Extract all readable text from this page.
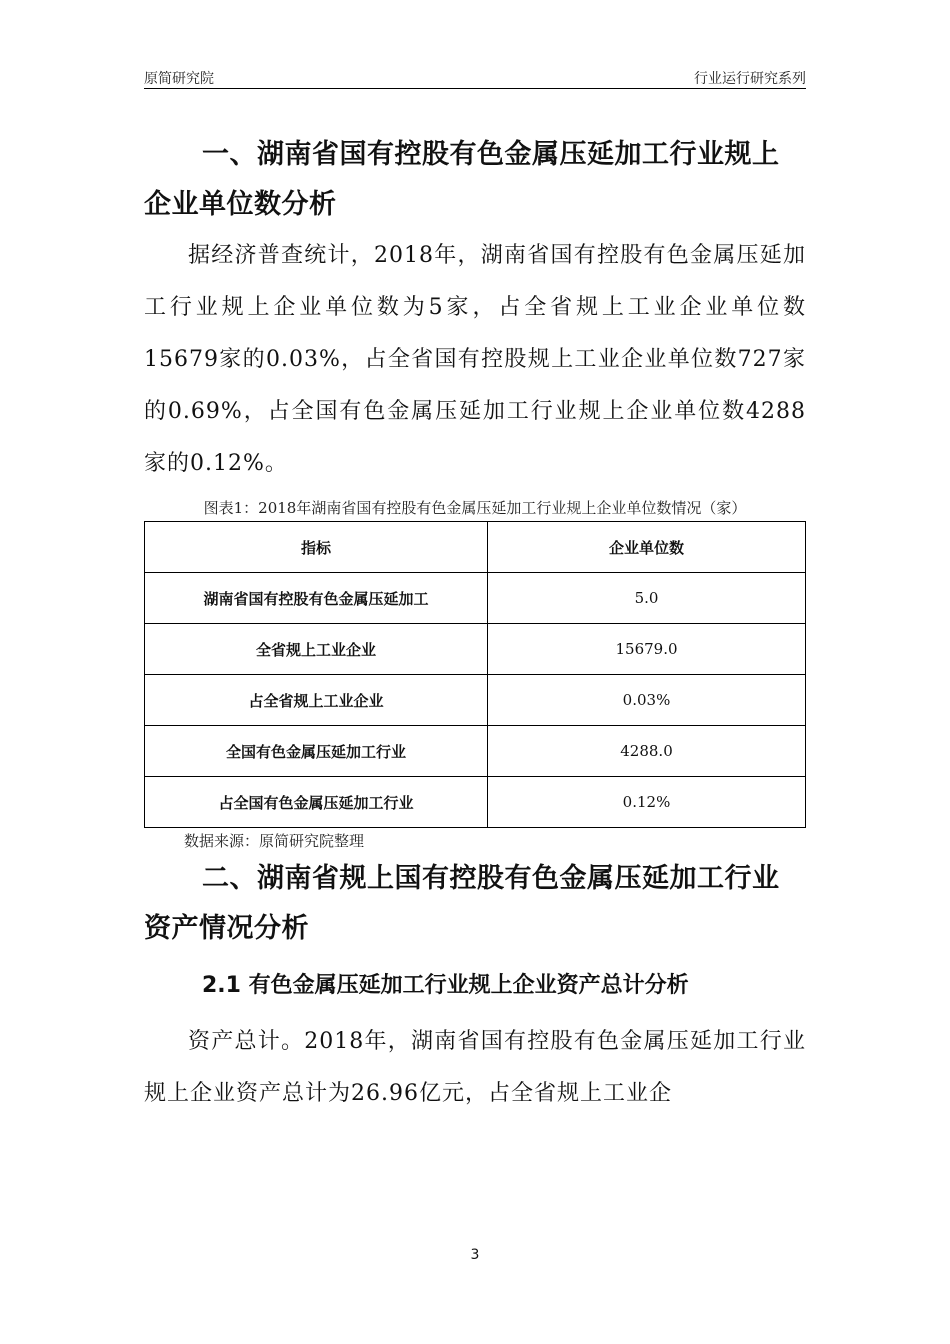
原简研究院	行业运行研究系列
一、湖南省国有控股有色金属压延加工行业规上企业单位数分析

据经济普查统计，2018年，湖南省国有控股有色金属压延加工行业规上企业单位数为5家，占全省规上工业企业单位数15679家的0.03%，占全省国有控股规上工业企业单位数727家的0.69%，占全国有色金属压延加工行业规上企业单位数4288家的0.12%。

图表1：2018年湖南省国有控股有色金属压延加工行业规上企业单位数情况（家）
指标	企业单位数
湖南省国有控股有色金属压延加工	5.0
全省规上工业企业	15679.0
占全省规上工业企业	0.03%
全国有色金属压延加工行业	4288.0
占全国有色金属压延加工行业	0.12%
数据来源：原简研究院整理
二、湖南省规上国有控股有色金属压延加工行业资产情况分析
2.1 有色金属压延加工行业规上企业资产总计分析

资产总计。2018年，湖南省国有控股有色金属压延加工行业规上企业资产总计为26.96亿元，占全省规上工业企

3
